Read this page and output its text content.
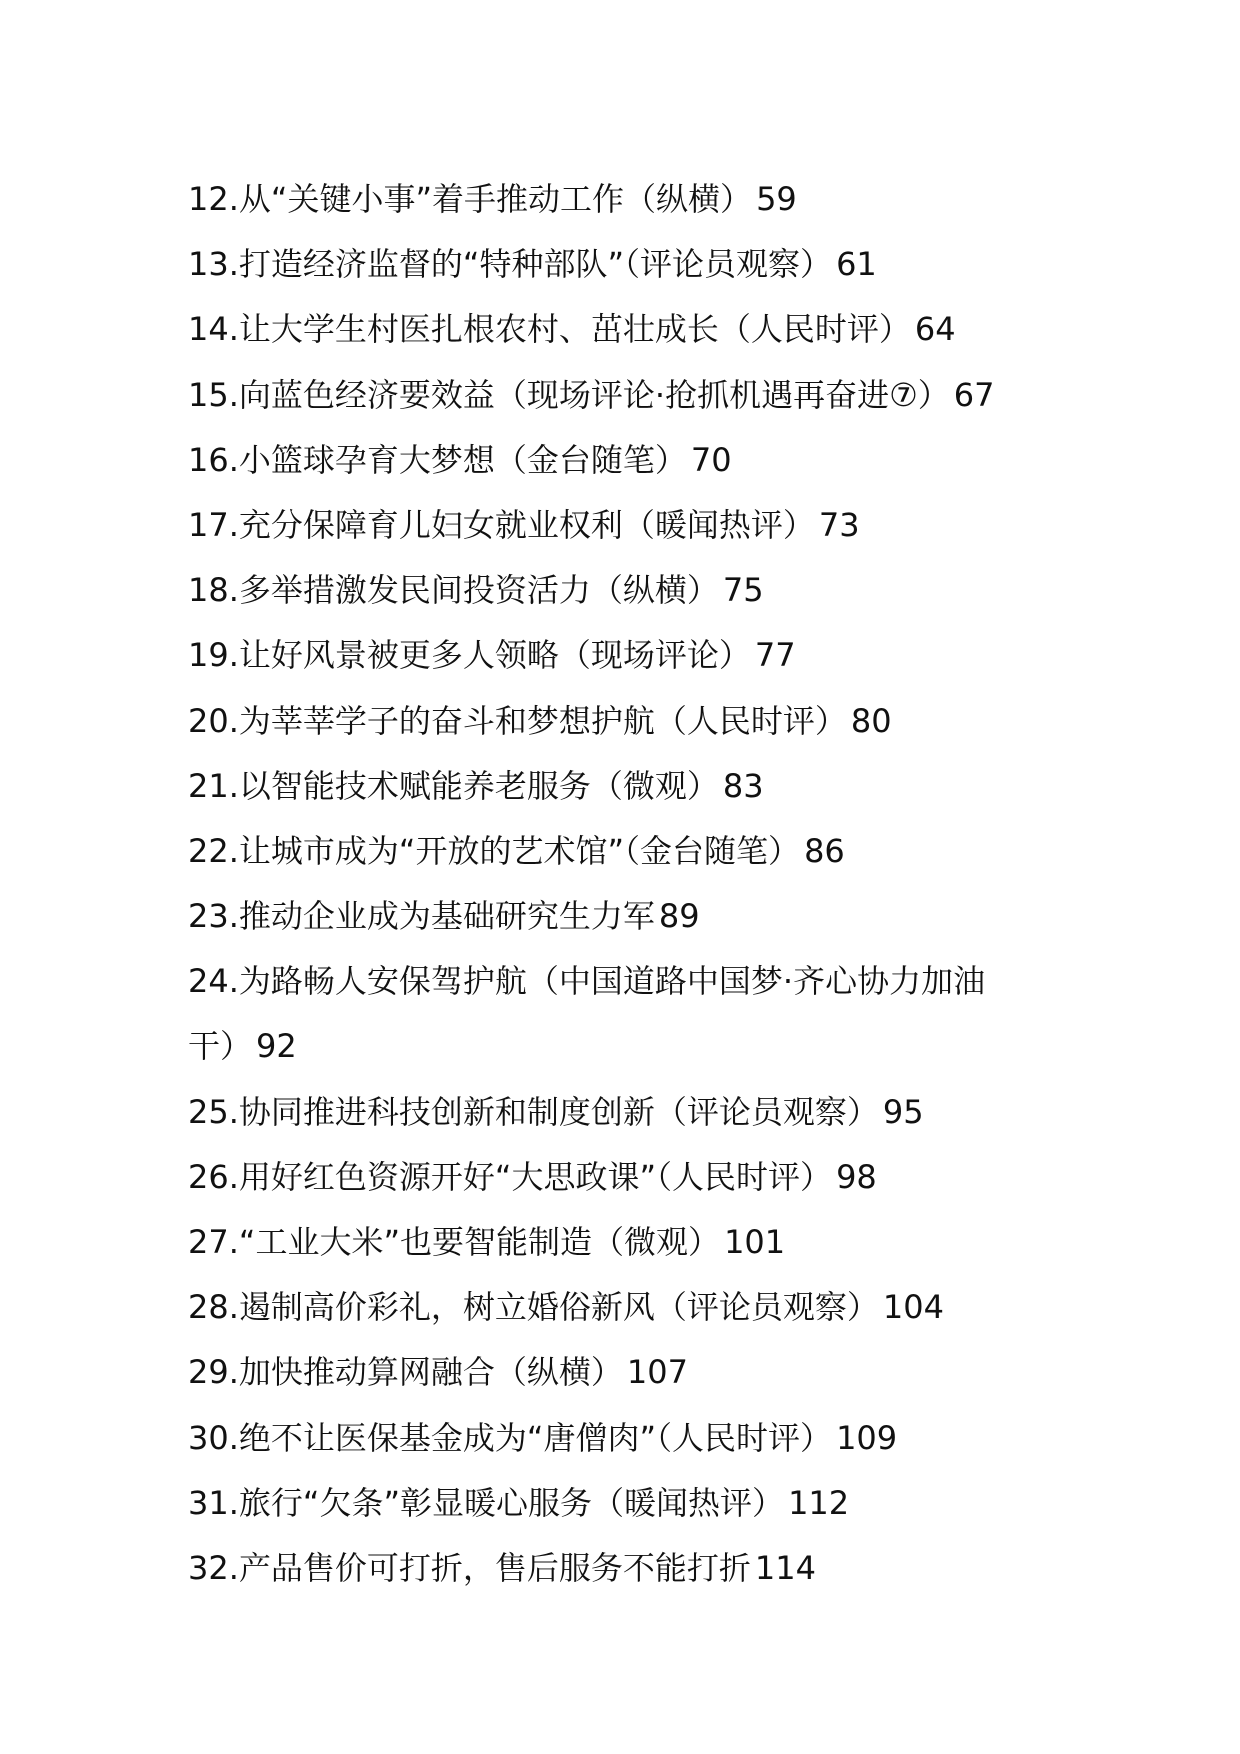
12.从“关键小事”着手推动工作（纵横） 59
13.打造经济监督的“特种部队”（评论员观察） 61
14.让大学生村医扎根农村、茁壮成长（人民时评） 64
15.向蓝色经济要效益（现场评论·抢抓机遇再奋进⑦） 67
16.小篮球孕育大梦想（金台随笔） 70
17.充分保障育儿妇女就业权利（暖闻热评） 73
18.多举措激发民间投资活力（纵横） 75
19.让好风景被更多人领略（现场评论） 77
20.为莘莘学子的奋斗和梦想护航（人民时评） 80
21.以智能技术赋能养老服务（微观） 83
22.让城市成为“开放的艺术馆”（金台随笔） 86
23.推动企业成为基础研究生力军 89
24.为路畅人安保驾护航（中国道路中国梦·齐心协力加油
干） 92
25.协同推进科技创新和制度创新（评论员观察） 95
26.用好红色资源开好“大思政课”（人民时评） 98
27.“工业大米”也要智能制造（微观） 101
28.遏制高价彩礼，树立婚俗新风（评论员观察） 104
29.加快推动算网融合（纵横） 107
30.绝不让医保基金成为“唐僧肉”（人民时评） 109
31.旅行“欠条”彰显暖心服务（暖闻热评） 112
32.产品售价可打折，售后服务不能打折 114
